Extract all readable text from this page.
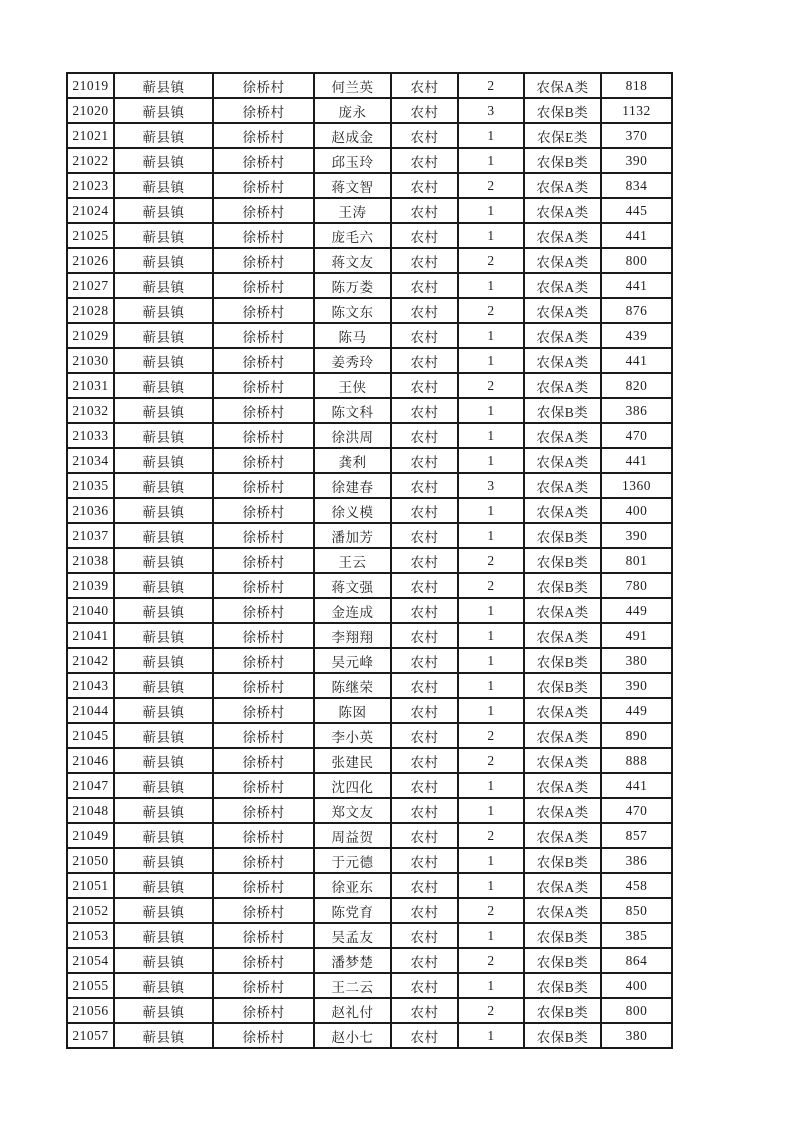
21019	蕲县镇	徐桥村	何兰英	农村	2	农保A类	818
21020	蕲县镇	徐桥村	庞永	农村	3	农保B类	1132
21021	蕲县镇	徐桥村	赵成金	农村	1	农保E类	370
21022	蕲县镇	徐桥村	邱玉玲	农村	1	农保B类	390
21023	蕲县镇	徐桥村	蒋文智	农村	2	农保A类	834
21024	蕲县镇	徐桥村	王涛	农村	1	农保A类	445
21025	蕲县镇	徐桥村	庞毛六	农村	1	农保A类	441
21026	蕲县镇	徐桥村	蒋文友	农村	2	农保A类	800
21027	蕲县镇	徐桥村	陈万娄	农村	1	农保A类	441
21028	蕲县镇	徐桥村	陈文东	农村	2	农保A类	876
21029	蕲县镇	徐桥村	陈马	农村	1	农保A类	439
21030	蕲县镇	徐桥村	姜秀玲	农村	1	农保A类	441
21031	蕲县镇	徐桥村	王侠	农村	2	农保A类	820
21032	蕲县镇	徐桥村	陈文科	农村	1	农保B类	386
21033	蕲县镇	徐桥村	徐洪周	农村	1	农保A类	470
21034	蕲县镇	徐桥村	龚利	农村	1	农保A类	441
21035	蕲县镇	徐桥村	徐建春	农村	3	农保A类	1360
21036	蕲县镇	徐桥村	徐义模	农村	1	农保A类	400
21037	蕲县镇	徐桥村	潘加芳	农村	1	农保B类	390
21038	蕲县镇	徐桥村	王云	农村	2	农保B类	801
21039	蕲县镇	徐桥村	蒋文强	农村	2	农保B类	780
21040	蕲县镇	徐桥村	金连成	农村	1	农保A类	449
21041	蕲县镇	徐桥村	李翔翔	农村	1	农保A类	491
21042	蕲县镇	徐桥村	吴元峰	农村	1	农保B类	380
21043	蕲县镇	徐桥村	陈继荣	农村	1	农保B类	390
21044	蕲县镇	徐桥村	陈囡	农村	1	农保A类	449
21045	蕲县镇	徐桥村	李小英	农村	2	农保A类	890
21046	蕲县镇	徐桥村	张建民	农村	2	农保A类	888
21047	蕲县镇	徐桥村	沈四化	农村	1	农保A类	441
21048	蕲县镇	徐桥村	郑文友	农村	1	农保A类	470
21049	蕲县镇	徐桥村	周益贺	农村	2	农保A类	857
21050	蕲县镇	徐桥村	于元德	农村	1	农保B类	386
21051	蕲县镇	徐桥村	徐亚东	农村	1	农保A类	458
21052	蕲县镇	徐桥村	陈党育	农村	2	农保A类	850
21053	蕲县镇	徐桥村	吴孟友	农村	1	农保B类	385
21054	蕲县镇	徐桥村	潘梦楚	农村	2	农保B类	864
21055	蕲县镇	徐桥村	王二云	农村	1	农保B类	400
21056	蕲县镇	徐桥村	赵礼付	农村	2	农保B类	800
21057	蕲县镇	徐桥村	赵小七	农村	1	农保B类	380
